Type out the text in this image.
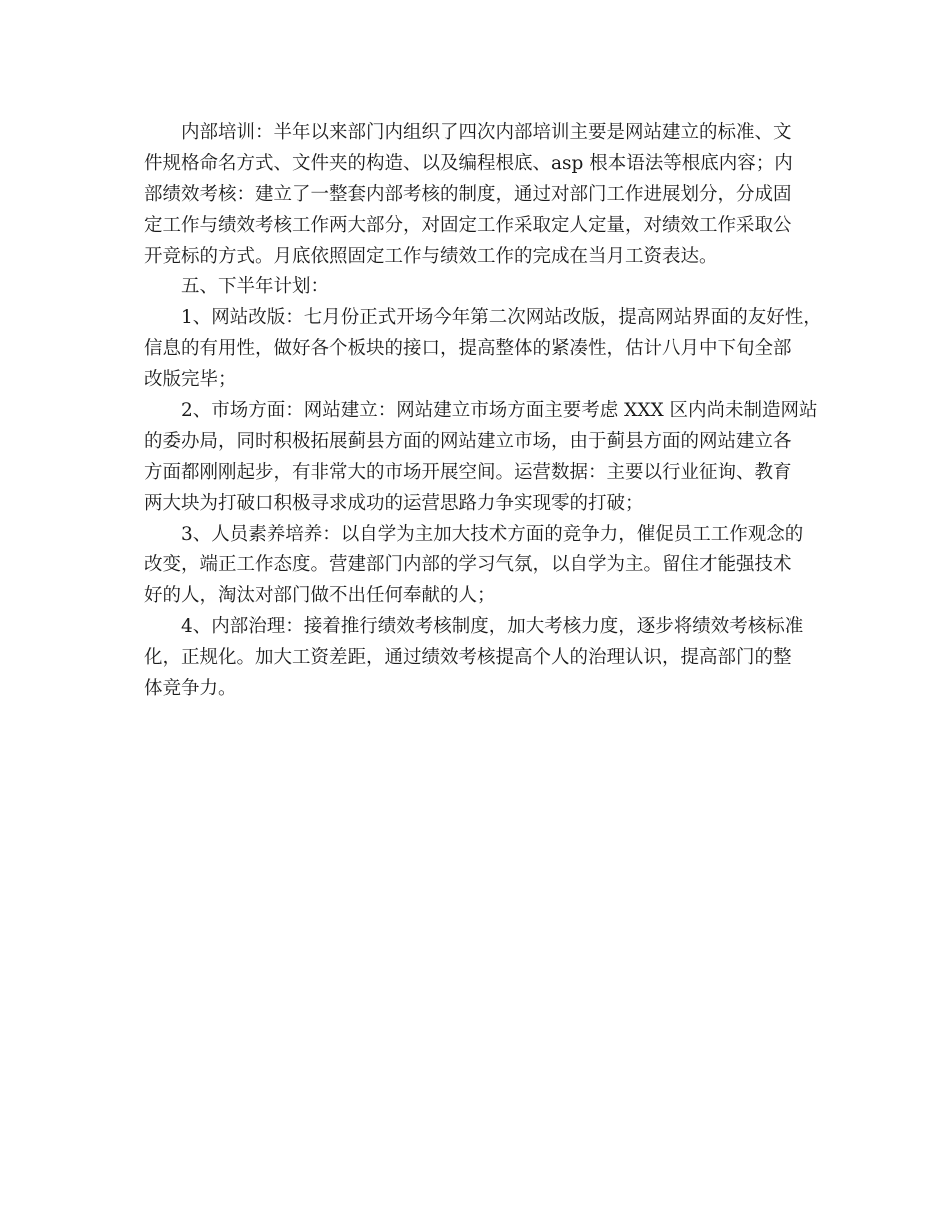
内部培训：半年以来部门内组织了四次内部培训主要是网站建立的标准、文
件规格命名方式、文件夹的构造、以及编程根底、asp 根本语法等根底内容；内
部绩效考核：建立了一整套内部考核的制度，通过对部门工作进展划分，分成固
定工作与绩效考核工作两大部分，对固定工作采取定人定量，对绩效工作采取公
开竞标的方式。月底依照固定工作与绩效工作的完成在当月工资表达。
五、下半年计划：
1、网站改版：七月份正式开场今年第二次网站改版，提高网站界面的友好性，
信息的有用性，做好各个板块的接口，提高整体的紧凑性，估计八月中下旬全部
改版完毕；
2、市场方面：网站建立：网站建立市场方面主要考虑 XXX 区内尚未制造网站
的委办局，同时积极拓展蓟县方面的网站建立市场，由于蓟县方面的网站建立各
方面都刚刚起步，有非常大的市场开展空间。运营数据：主要以行业征询、教育
两大块为打破口积极寻求成功的运营思路力争实现零的打破；
3、人员素养培养：以自学为主加大技术方面的竞争力，催促员工工作观念的
改变，端正工作态度。营建部门内部的学习气氛，以自学为主。留住才能强技术
好的人，淘汰对部门做不出任何奉献的人；
4、内部治理：接着推行绩效考核制度，加大考核力度，逐步将绩效考核标准
化，正规化。加大工资差距，通过绩效考核提高个人的治理认识，提高部门的整
体竞争力。
